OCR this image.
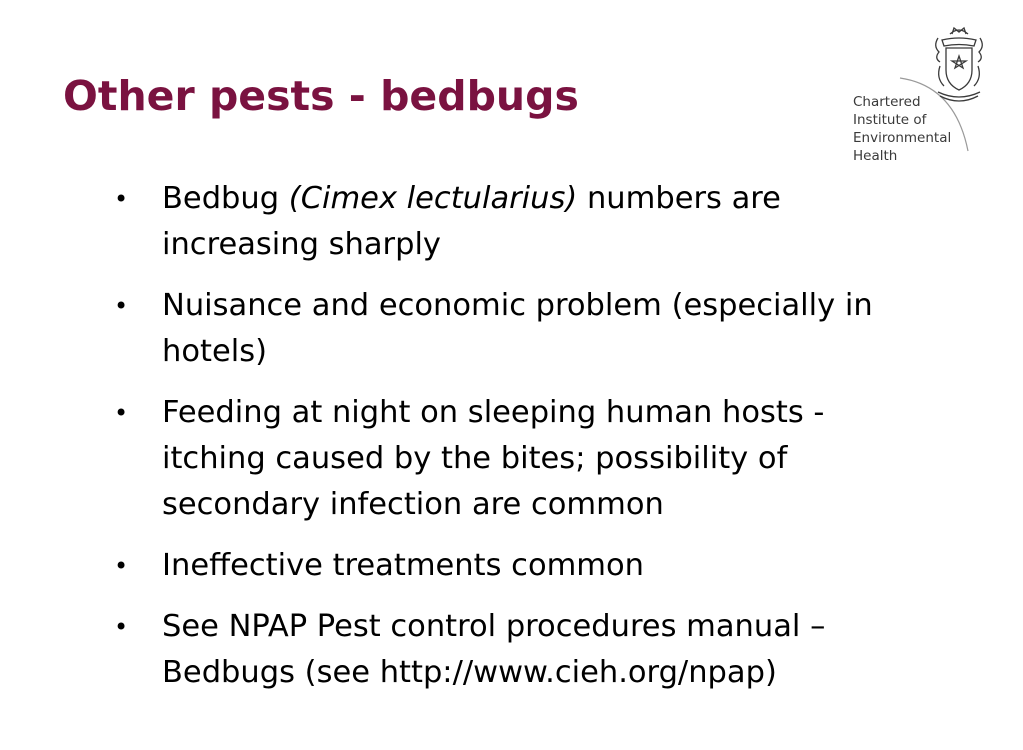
Other pests - bedbugs	Chartered
Institute of
Environmental
Health
• Bedbug (Cimex lectularius) numbers are
increasing sharply
• Nuisance and economic problem (especially in
hotels)
• Feeding at night on sleeping human hosts -
itching caused by the bites; possibility of
secondary infection are common
• Ineffective treatments common
• See NPAP Pest control procedures manual –
Bedbugs (see http://www.cieh.org/npap)
